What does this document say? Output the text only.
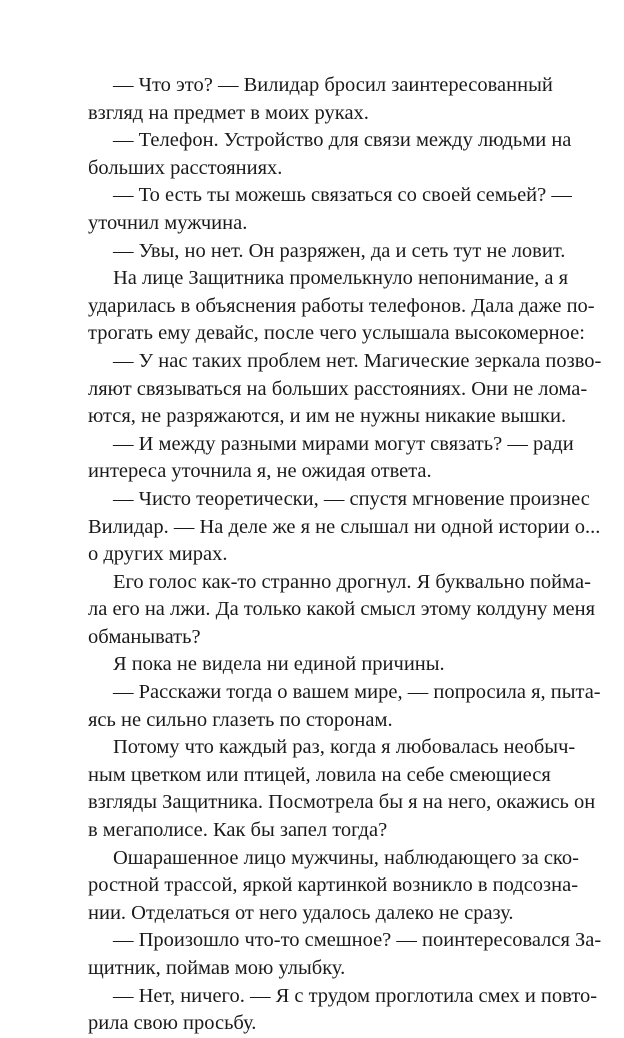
— Что это? — Вилидар бросил заинтересованный
взгляд на предмет в моих руках.
— Телефон. Устройство для связи между людьми на
больших расстояниях.
— То есть ты можешь связаться со своей семьей? —
уточнил мужчина.
— Увы, но нет. Он разряжен, да и сеть тут не ловит.
На лице Защитника промелькнуло непонимание, а я
ударилась в объяснения работы телефонов. Дала даже по-
трогать ему девайс, после чего услышала высокомерное:
— У нас таких проблем нет. Магические зеркала позво-
ляют связываться на больших расстояниях. Они не лома-
ются, не разряжаются, и им не нужны никакие вышки.
— И между разными мирами могут связать? — ради
интереса уточнила я, не ожидая ответа.
— Чисто теоретически, — спустя мгновение произнес
Вилидар. — На деле же я не слышал ни одной истории о...
о других мирах.
Его голос как-то странно дрогнул. Я буквально поймa-
ла его на лжи. Да только какой смысл этому колдуну меня
обманывать?
Я пока не видела ни единой причины.
— Расскажи тогда о вашем мире, — попросила я, пыта-
ясь не сильно глазеть по сторонам.
Потому что каждый раз, когда я любовалась необыч-
ным цветком или птицей, ловила на себе смеющиеся
взгляды Защитника. Посмотрела бы я на него, окажись он
в мегаполисе. Как бы запел тогда?
Ошарашенное лицо мужчины, наблюдающего за ско-
ростной трассой, яркой картинкой возникло в подсозна-
нии. Отделаться от него удалось далеко не сразу.
— Произошло что-то смешное? — поинтересовался За-
щитник, поймав мою улыбку.
— Нет, ничего. — Я с трудом проглотила смех и повто-
рила свою просьбу.
